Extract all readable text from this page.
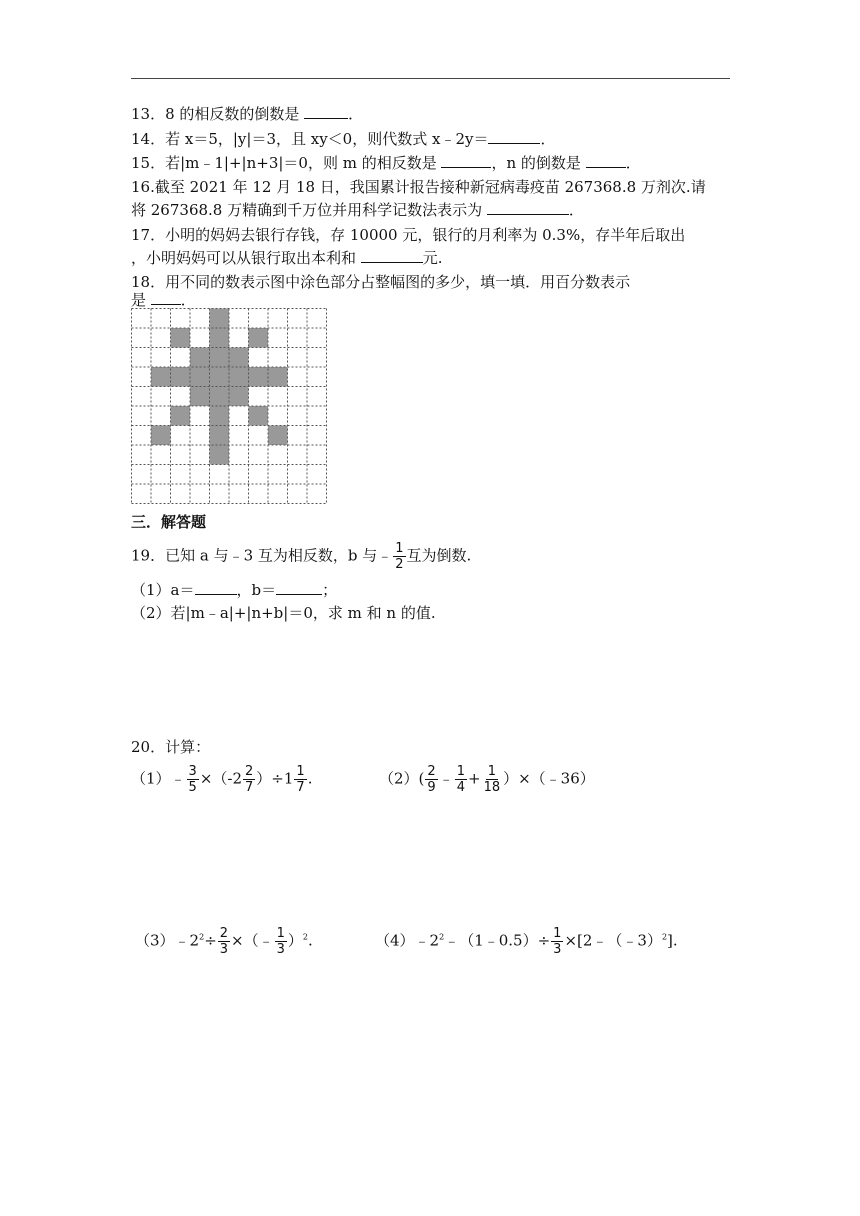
13．8 的相反数的倒数是	．
14．若 x＝5，|y|＝3，且 xy＜0，则代数式 x﹣2y＝	．
15．若|m﹣1|+|n+3|＝0，则 m 的相反数是	，n 的倒数是	．
16.截至 2021 年 12 月 18 日，我国累计报告接种新冠病毒疫苗 267368.8 万剂次.请
将 267368.8 万精确到千万位并用科学记数法表示为	．
17．小明的妈妈去银行存钱，存 10000 元，银行的月利率为 0.3%，存半年后取出
，小明妈妈可以从银行取出本利和	元.
18．用不同的数表示图中涂色部分占整幅图的多少，填一填．用百分数表示
是 ．
三．解答题
19．已知 a 与﹣3 互为相反数，b 与﹣ $\frac{1}{2}$ 互为倒数.
（1）a＝	，b＝	；
（2）若|m﹣a|+|n+b|＝0，求 m 和 n 的值.
20．计算：
（1）﹣ $\frac{3}{5} \times(-2 \frac{2}{7} )\div 1 \frac{1}{7}$ .	$(2)( \frac{2}{9}$ ﹣ $\frac{1}{4} + \frac{1}{18}$ ）×（﹣36）
$(3)﹣2^2\div \frac{2}{3}$ ×（﹣ $\frac{1}{3} )^2$.	$(4)﹣2^2﹣(1﹣0.5)\div \frac{1}{3}$ ×[2﹣（﹣3）$^2$].
